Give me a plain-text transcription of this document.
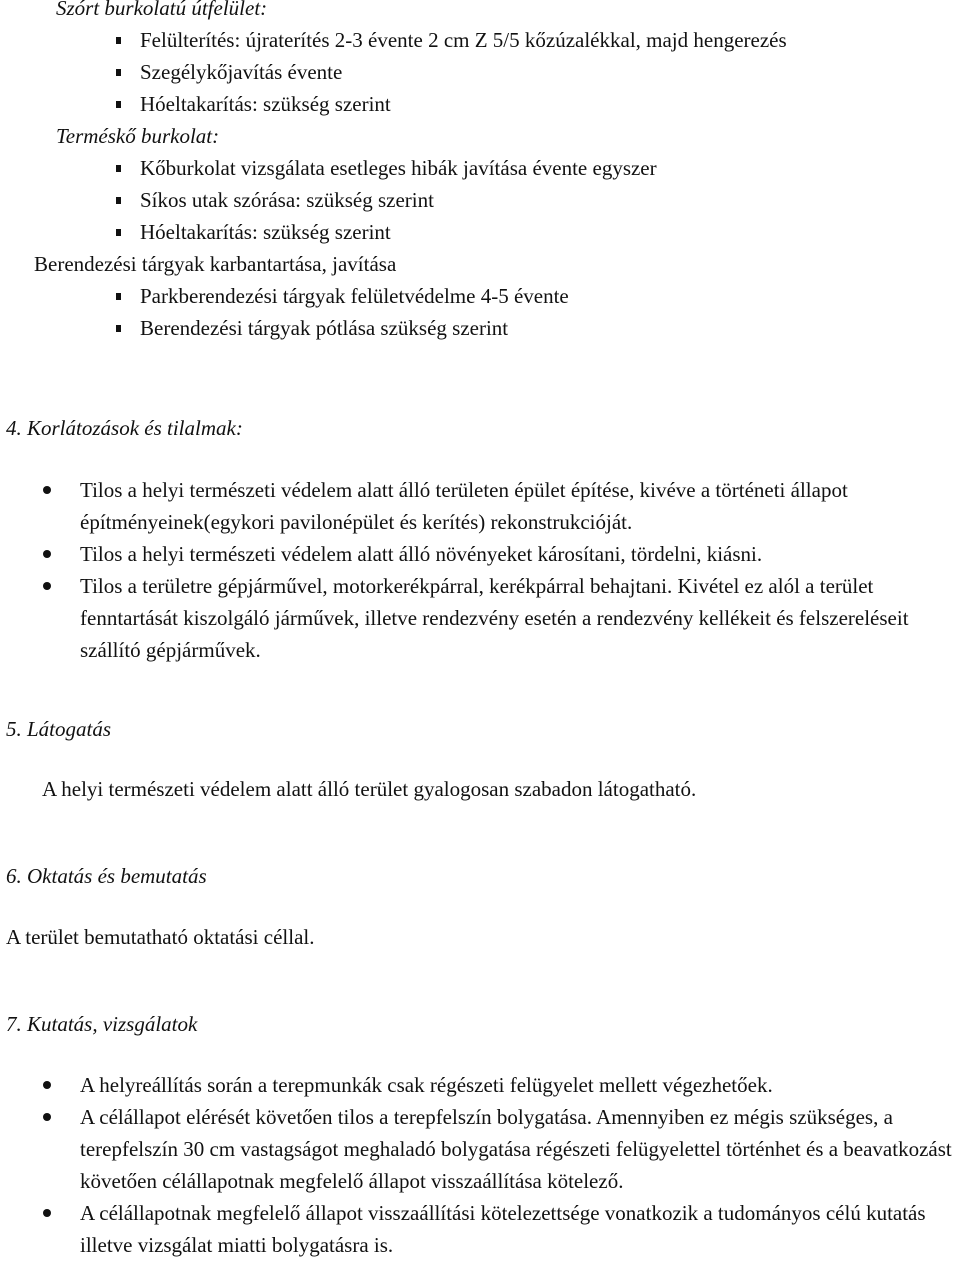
Szórt burkolatú útfelület:
Felülterítés: újraterítés 2-3 évente 2 cm Z 5/5 kőzúzalékkal, majd hengerezés
Szegélykőjavítás évente
Hóeltakarítás: szükség szerint
Terméskő burkolat:
Kőburkolat vizsgálata esetleges hibák javítása évente egyszer
Síkos utak szórása: szükség szerint
Hóeltakarítás: szükség szerint
Berendezési tárgyak karbantartása, javítása
Parkberendezési tárgyak felületvédelme 4-5 évente
Berendezési tárgyak pótlása szükség szerint
4. Korlátozások és tilalmak:
Tilos a helyi természeti védelem alatt álló területen épület építése, kivéve a történeti állapot építményeinek(egykori pavilonépület és kerítés) rekonstrukcióját.
Tilos a helyi természeti védelem alatt álló növényeket károsítani, tördelni, kiásni.
Tilos a területre gépjárművel, motorkerékpárral, kerékpárral behajtani. Kivétel ez alól a terület fenntartását kiszolgáló járművek, illetve rendezvény esetén a rendezvény kellékeit és felszereléseit szállító gépjárművek.
5. Látogatás

A helyi természeti védelem alatt álló terület gyalogosan szabadon látogatható.

6. Oktatás és bemutatás

A terület bemutatható oktatási céllal.

7. Kutatás, vizsgálatok
A helyreállítás során a terepmunkák csak régészeti felügyelet mellett végezhetőek.
A célállapot elérését követően tilos a terepfelszín bolygatása. Amennyiben ez mégis szükséges, a terepfelszín 30 cm vastagságot meghaladó bolygatása régészeti felügyelettel történhet és a beavatkozást követően célállapotnak megfelelő állapot visszaállítása kötelező.
A célállapotnak megfelelő állapot visszaállítási kötelezettsége vonatkozik a tudományos célú kutatás illetve vizsgálat miatti bolygatásra is.
